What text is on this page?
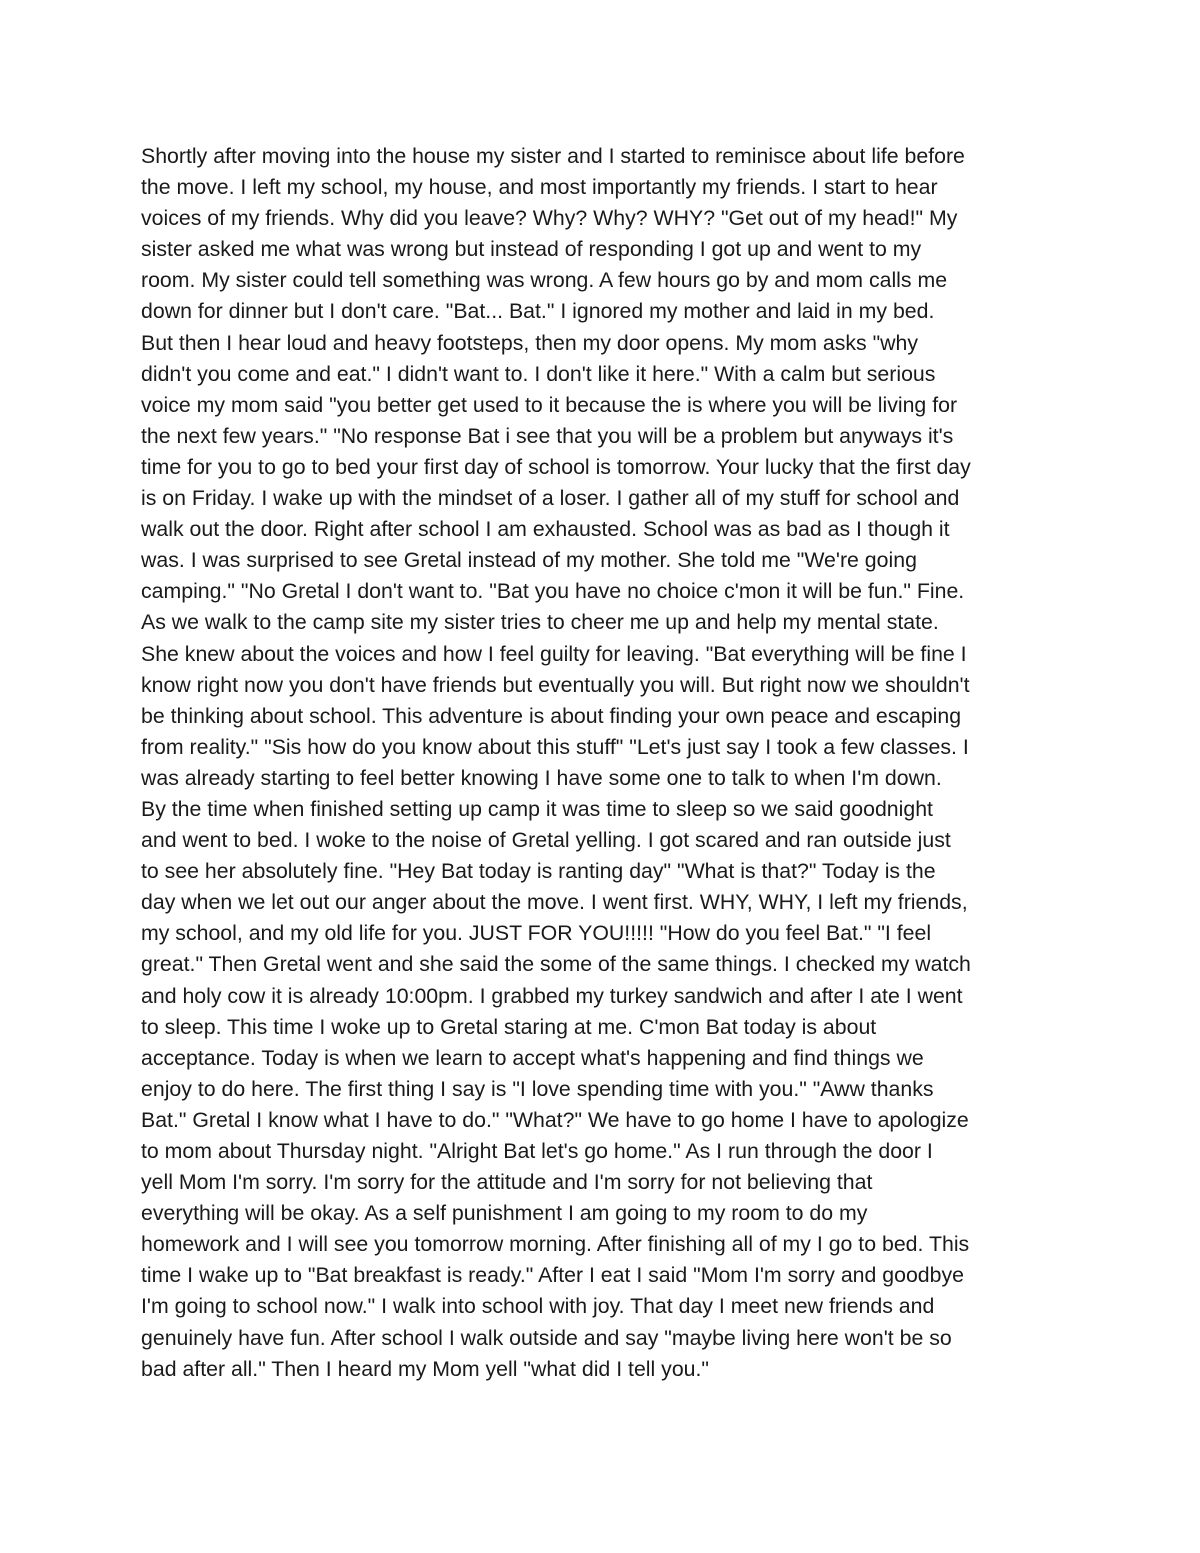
Shortly after moving into the house my sister and I started to reminisce about life before
the move. I left my school, my house, and most importantly my friends. I start to hear
voices of my friends. Why did you leave? Why? Why? WHY? "Get out of my head!" My
sister asked me what was wrong but instead of responding I got up and went to my
room. My sister could tell something was wrong. A few hours go by and mom calls me
down for dinner but I don't care. "Bat... Bat." I ignored my mother and laid in my bed.
But then I hear loud and heavy footsteps, then my door opens. My mom asks "why
didn't you come and eat." I didn't want to. I don't like it here." With a calm but serious
voice my mom said "you better get used to it because the is where you will be living for
the next few years." "No response Bat i see that you will be a problem but anyways it's
time for you to go to bed your first day of school is tomorrow. Your lucky that the first day
is on Friday. I wake up with the mindset of a loser. I gather all of my stuff for school and
walk out the door. Right after school I am exhausted. School was as bad as I though it
was. I was surprised to see Gretal instead of my mother. She told me "We're going
camping." "No Gretal I don't want to. "Bat you have no choice c'mon it will be fun." Fine.
As we walk to the camp site my sister tries to cheer me up and help my mental state.
She knew about the voices and how I feel guilty for leaving. "Bat everything will be fine I
know right now you don't have friends but eventually you will. But right now we shouldn't
be thinking about school. This adventure is about finding your own peace and escaping
from reality." "Sis how do you know about this stuff" "Let's just say I took a few classes. I
was already starting to feel better knowing I have some one to talk to when I'm down.
By the time when finished setting up camp it was time to sleep so we said goodnight
and went to bed. I woke to the noise of Gretal yelling. I got scared and ran outside just
to see her absolutely fine. "Hey Bat today is ranting day" "What is that?" Today is the
day when we let out our anger about the move. I went first. WHY, WHY, I left my friends,
my school, and my old life for you. JUST FOR YOU!!!!! "How do you feel Bat." "I feel
great." Then Gretal went and she said the some of the same things. I checked my watch
and holy cow it is already 10:00pm. I grabbed my turkey sandwich and after I ate I went
to sleep. This time I woke up to Gretal staring at me. C'mon Bat today is about
acceptance. Today is when we learn to accept what's happening and find things we
enjoy to do here. The first thing I say is "I love spending time with you." "Aww thanks
Bat." Gretal I know what I have to do." "What?" We have to go home I have to apologize
to mom about Thursday night. "Alright Bat let's go home." As I run through the door I
yell Mom I'm sorry. I'm sorry for the attitude and I'm sorry for not believing that
everything will be okay. As a self punishment I am going to my room to do my
homework and I will see you tomorrow morning. After finishing all of my I go to bed. This
time I wake up to "Bat breakfast is ready." After I eat I said "Mom I'm sorry and goodbye
I'm going to school now." I walk into school with joy. That day I meet new friends and
genuinely have fun. After school I walk outside and say "maybe living here won't be so
bad after all." Then I heard my Mom yell "what did I tell you."
